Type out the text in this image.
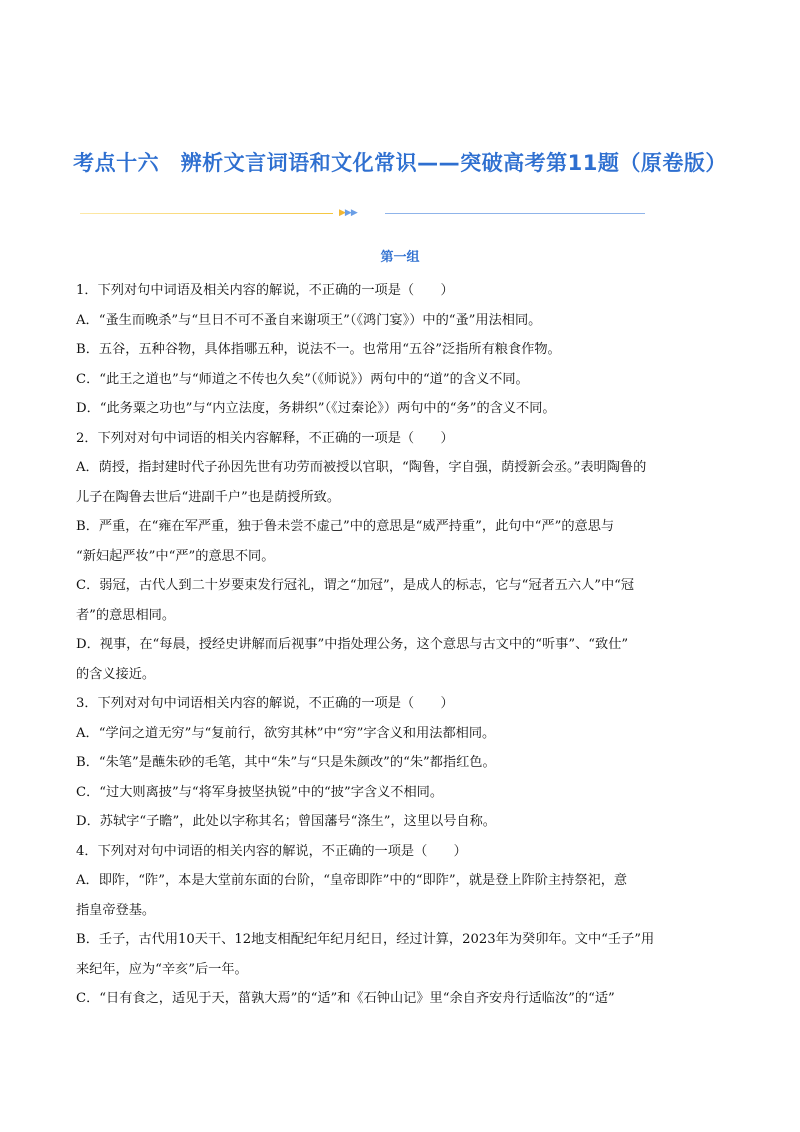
考点十六　辨析文言词语和文化常识——突破高考第11题（原卷版）
▶▶▶
第一组

1．下列对句中词语及相关内容的解说，不正确的一项是（　　）

A．“蚤生而晚杀”与“旦日不可不蚤自来谢项王”（《鸿门宴》）中的“蚤”用法相同。

B．五谷，五种谷物，具体指哪五种，说法不一。也常用“五谷”泛指所有粮食作物。

C．“此王之道也”与“师道之不传也久矣”（《师说》）两句中的“道”的含义不同。

D．“此务粟之功也”与“内立法度，务耕织”（《过秦论》）两句中的“务”的含义不同。

2．下列对对句中词语的相关内容解释，不正确的一项是（　　）

A．荫授，指封建时代子孙因先世有功劳而被授以官职，“陶鲁，字自强，荫授新会丞。”表明陶鲁的

儿子在陶鲁去世后“进副千户”也是荫授所致。

B．严重，在“雍在军严重，独于鲁未尝不虚己”中的意思是“威严持重”，此句中“严”的意思与

“新妇起严妆”中“严”的意思不同。

C．弱冠，古代人到二十岁要束发行冠礼，谓之“加冠”，是成人的标志，它与“冠者五六人”中“冠

者”的意思相同。

D．视事，在“每晨，授经史讲解而后视事”中指处理公务，这个意思与古文中的“听事”、“致仕”

的含义接近。

3．下列对对句中词语相关内容的解说，不正确的一项是（　　）

A．“学问之道无穷”与“复前行，欲穷其林”中“穷”字含义和用法都相同。

B．“朱笔”是蘸朱砂的毛笔，其中“朱”与“只是朱颜改”的“朱”都指红色。

C．“过大则离披”与“将军身披坚执锐”中的“披”字含义不相同。

D．苏轼字“子瞻”，此处以字称其名；曾国藩号“涤生”，这里以号自称。

4．下列对对句中词语的相关内容的解说，不正确的一项是（　　）

A．即阼，“阼”，本是大堂前东面的台阶，“皇帝即阼”中的“即阼”，就是登上阼阶主持祭祀，意

指皇帝登基。

B．壬子，古代用10天干、12地支相配纪年纪月纪日，经过计算，2023年为癸卯年。文中“壬子”用

来纪年，应为“辛亥”后一年。

C．“日有食之，适见于天，菑孰大焉”的“适”和《石钟山记》里“余自齐安舟行适临汝”的“适”
